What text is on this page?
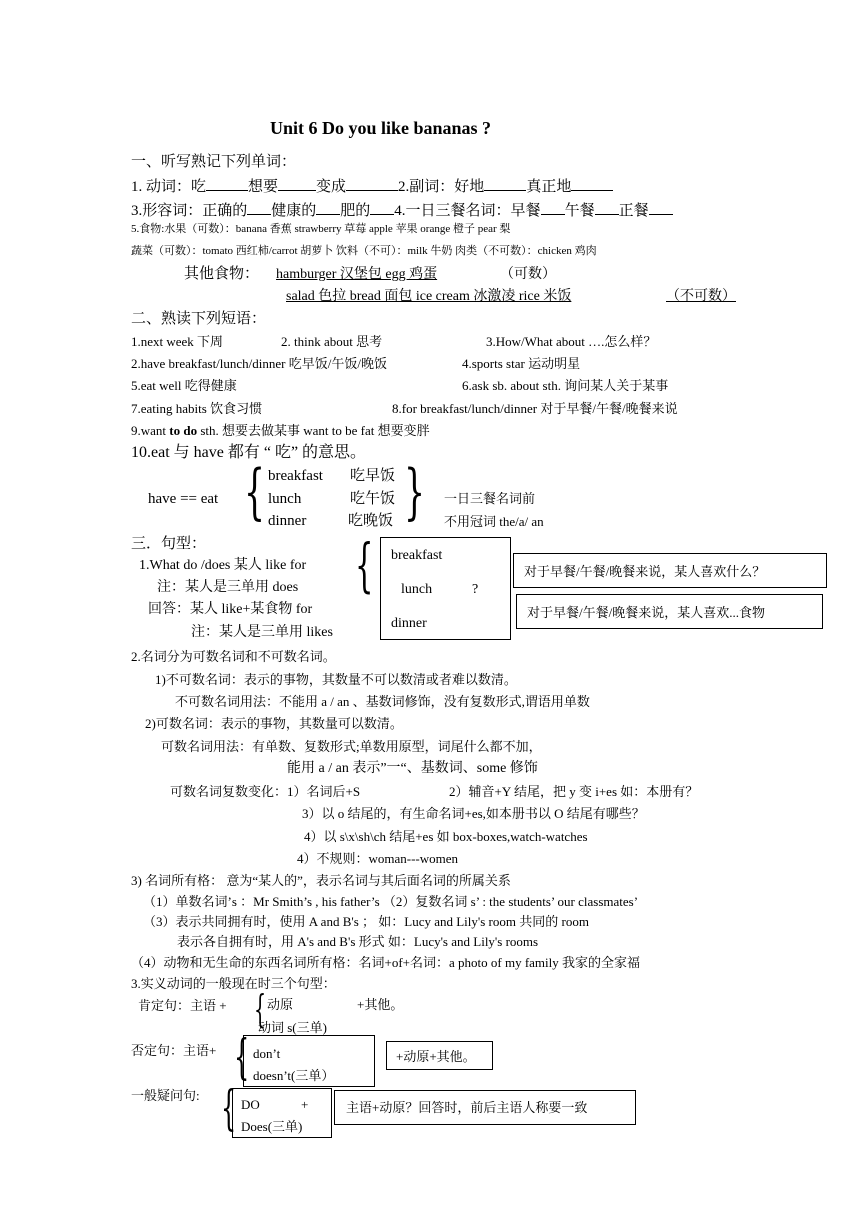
Unit 6 Do you like bananas ?
一、听写熟记下列单词：
1. 动词：吃	想要	变成	2.副词：好地	真正地
3.形容词：正确的 健康的 肥的 4.一日三餐名词：早餐 午餐 正餐
5.食物:水果（可数）：banana 香蕉 strawberry 草莓 apple 苹果 orange 橙子 pear 梨
蔬菜（可数）：tomato 西红柿/carrot 胡萝卜 饮料（不可）：milk 牛奶 肉类（不可数）：chicken 鸡肉
其他食物： hamburger 汉堡包 egg 鸡蛋	（可数）
salad 色拉 bread 面包 ice cream 冰激凌 rice 米饭	（不可数）
二、熟读下列短语：
1.next week 下周	2. think about 思考	3.How/What about ….怎么样？
2.have breakfast/lunch/dinner 吃早饭/午饭/晚饭	4.sports star 运动明星
5.eat well 吃得健康	6.ask sb. about sth. 询问某人关于某事
7.eating habits 饮食习惯	8.for breakfast/lunch/dinner 对于早餐/午餐/晚餐来说
9.want to do sth. 想要去做某事 want to be fat 想要变胖
10.eat 与 have 都有 “ 吃” 的意思。
have == eat { breakfast 吃早饭
lunch	吃午饭
dinner	吃晚饭 } 一日三餐名词前
不用冠词 the/a/ an
三．句型：
1.What do /does 某人 like for
注：某人是三单用 does
回答：某人 like+某食物 for
注：某人是三单用 likes
{ breakfast
lunch	?
dinner
对于早餐/午餐/晚餐来说，某人喜欢什么？
对于早餐/午餐/晚餐来说，某人喜欢...食物
2.名词分为可数名词和不可数名词。
1)不可数名词：表示的事物，其数量不可以数清或者难以数清。
不可数名词用法：不能用 a / an 、基数词修饰，没有复数形式,谓语用单数
2)可数名词：表示的事物，其数量可以数清。
可数名词用法：有单数、复数形式;单数用原型，词尾什么都不加，
能用 a / an 表示”一“、基数词、some 修饰
可数名词复数变化：1）名词后+S	2）辅音+Y 结尾，把 y 变 i+es 如：本册有？
3）以 o 结尾的，有生命名词+es,如本册书以 O 结尾有哪些？
4）以 s\x\sh\ch 结尾+es 如 box-boxes,watch-watches
4）不规则：woman---women
3) 名词所有格： 意为“某人的”，表示名词与其后面名词的所属关系
（1）单数名词’s ：Mr Smith’s , his father’s （2）复数名词 s’ : the students’ our classmates’
（3）表示共同拥有时，使用 A and B's ； 如：Lucy and Lily's room 共同的 room
表示各自拥有时，用 A's and B's 形式 如：Lucy's and Lily's rooms
（4）动物和无生命的东西名词所有格：名词+of+名词：a photo of my family 我家的全家福
3.实义动词的一般现在时三个句型：
肯定句：主语 + { 动原	+其他。
动词 s(三单)
否定句：主语+ { don’t
doesn’t(三单）
+动原+其他。
一般疑问句: { DO	+
Does(三单)
主语+动原？回答时，前后主语人称要一致
